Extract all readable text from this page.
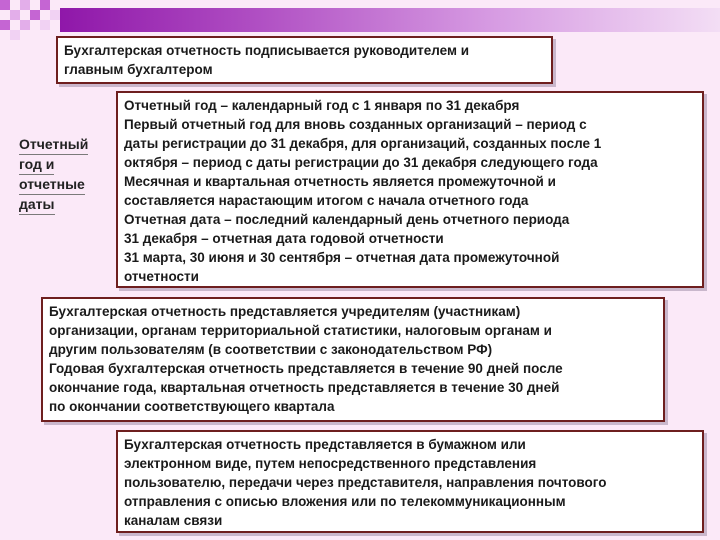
Бухгалтерская отчетность подписывается руководителем и

главным бухгалтером

Отчетный
год и
отчетные
даты

Отчетный год – календарный год с 1 января по 31 декабря

Первый отчетный год для вновь созданных организаций – период с

даты регистрации до 31 декабря, для организаций, созданных после 1

октября – период с даты регистрации до 31 декабря следующего года

Месячная и квартальная отчетность является промежуточной и

составляется нарастающим итогом с начала отчетного года

Отчетная дата – последний календарный день отчетного периода

31 декабря – отчетная дата годовой отчетности

31 марта, 30 июня и 30 сентября – отчетная дата промежуточной

отчетности

Бухгалтерская отчетность представляется учредителям (участникам)

организации, органам территориальной статистики, налоговым органам и

другим пользователям (в соответствии с законодательством РФ)

Годовая бухгалтерская отчетность представляется в течение 90 дней после

окончание года, квартальная отчетность представляется в течение 30 дней

по окончании соответствующего квартала

Бухгалтерская отчетность представляется в бумажном или

электронном виде, путем непосредственного представления

пользователю, передачи через представителя, направления почтового

отправления с описью вложения или по телекоммуникационным

каналам связи
